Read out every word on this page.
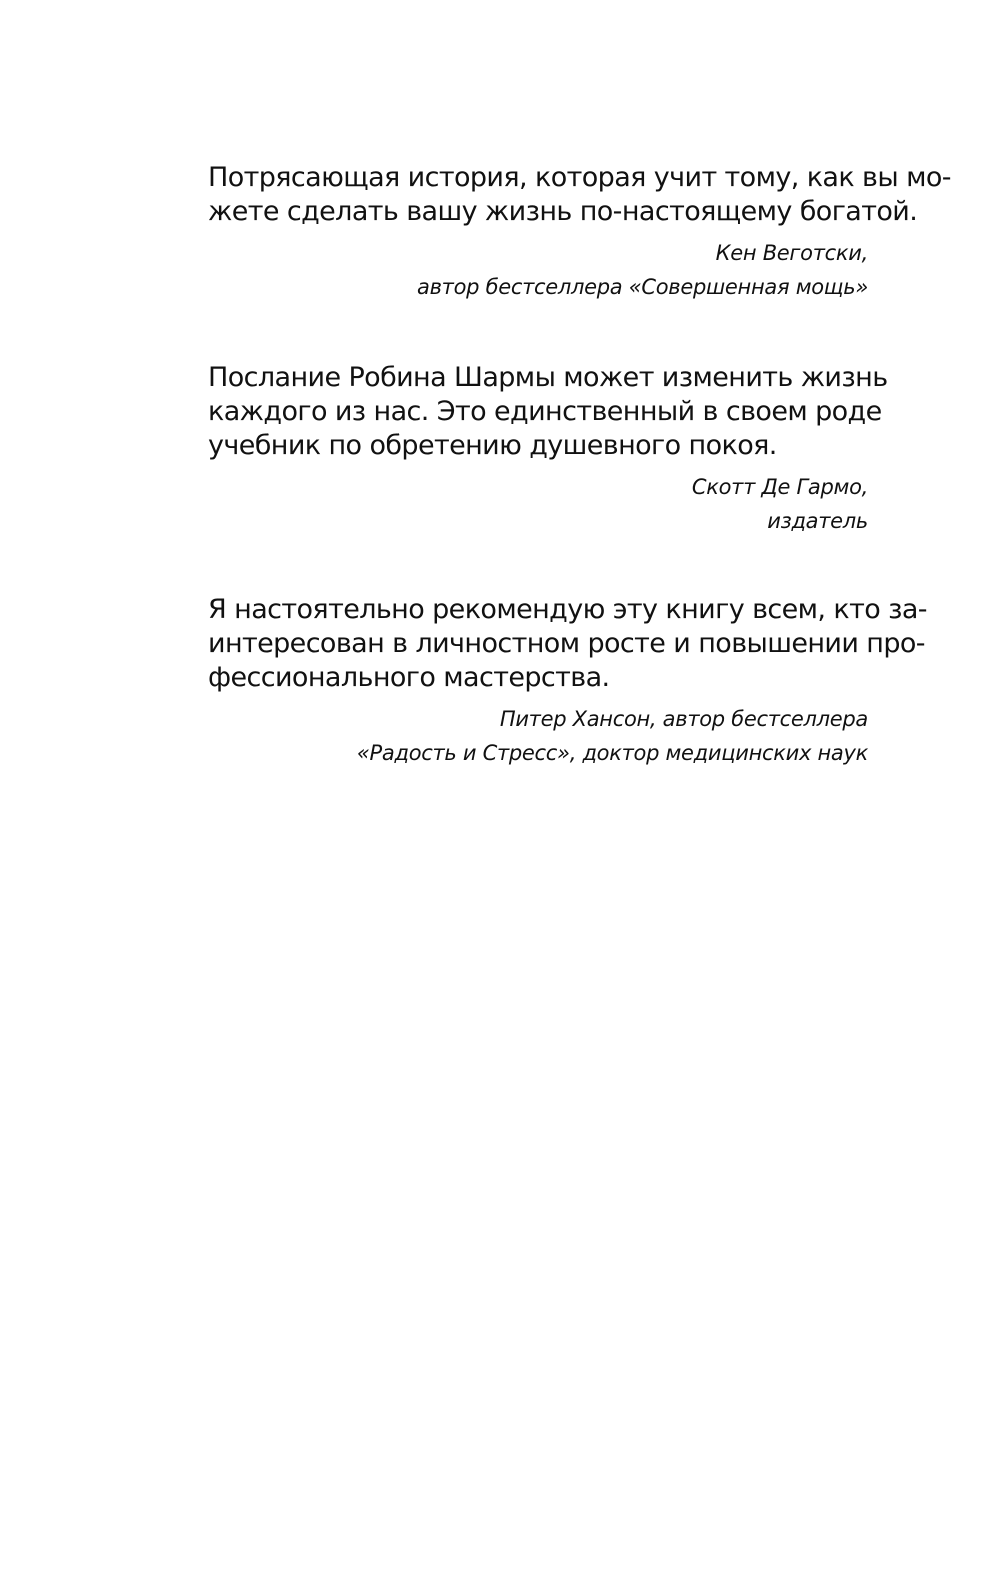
Потрясающая история, которая учит тому, как вы мо-
жете сделать вашу жизнь по-настоящему богатой.

Кен Веготски,
автор бестселлера «Совершенная мощь»

Послание Робина Шармы может изменить жизнь
каждого из нас. Это единственный в своем роде
учебник по обретению душевного покоя.

Скотт Де Гармо,
издатель

Я настоятельно рекомендую эту книгу всем, кто за-
интересован в личностном росте и повышении про-
фессионального мастерства.

Питер Хансон, автор бестселлера
«Радость и Стресс», доктор медицинских наук
